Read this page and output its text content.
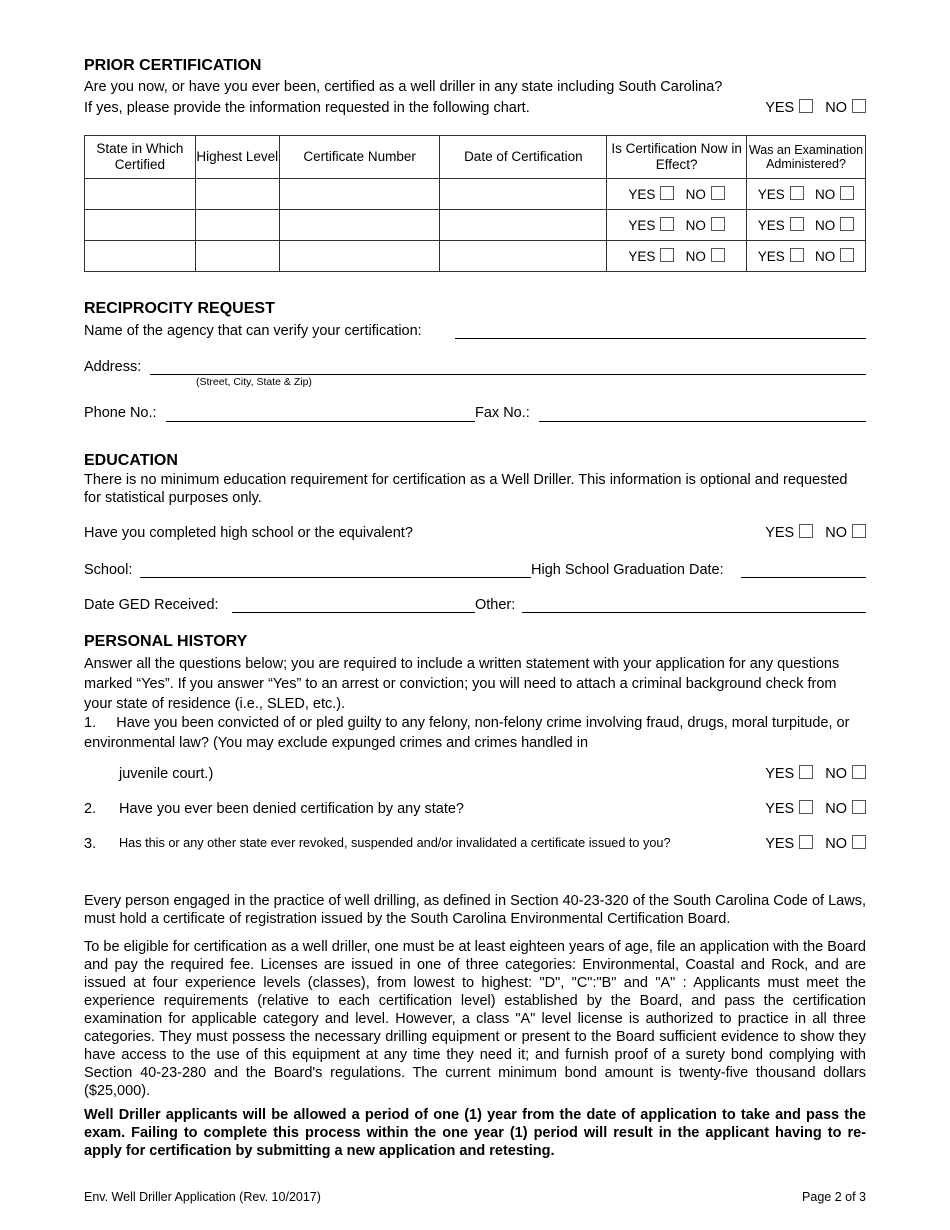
PRIOR CERTIFICATION
Are you now, or have you ever been, certified as a well driller in any state including South Carolina?
If yes, please provide the information requested in the following chart.	YES NO
State in Which Certified	Highest Level	Certificate Number	Date of Certification	Is Certification Now in Effect?	Was an Examination Administered?
				YES NO	YES NO
				YES NO	YES NO
				YES NO	YES NO
RECIPROCITY REQUEST
Name of the agency that can verify your certification:
Address:
(Street, City, State & Zip)
Phone No.:	Fax No.:
EDUCATION
There is no minimum education requirement for certification as a Well Driller. This information is optional and requested for statistical purposes only.
Have you completed high school or the equivalent?	YES NO
School:	High School Graduation Date:
Date GED Received:	Other:
PERSONAL HISTORY
Answer all the questions below; you are required to include a written statement with your application for any questions marked “Yes”. If you answer “Yes” to an arrest or conviction; you will need to attach a criminal background check from your state of residence (i.e., SLED, etc.).
1.     Have you been convicted of or pled guilty to any felony, non-felony crime involving fraud, drugs, moral turpitude, or environmental law? (You may exclude expunged crimes and crimes handled in
juvenile court.)	YES NO
2. Have you ever been denied certification by any state?	YES NO
3. Has this or any other state ever revoked, suspended and/or invalidated a certificate issued to you?	YES NO
Every person engaged in the practice of well drilling, as defined in Section 40-23-320 of the South Carolina Code of Laws, must hold a certificate of registration issued by the South Carolina Environmental Certification Board.
To be eligible for certification as a well driller, one must be at least eighteen years of age, file an application with the Board and pay the required fee. Licenses are issued in one of three categories: Environmental, Coastal and Rock, and are issued at four experience levels (classes), from lowest to highest: "D", "C":"B" and "A" : Applicants must meet the experience requirements (relative to each certification level) established by the Board, and pass the certification examination for applicable category and level. However, a class "A" level license is authorized to practice in all three categories. They must possess the necessary drilling equipment or present to the Board sufficient evidence to show they have access to the use of this equipment at any time they need it; and furnish proof of a surety bond complying with Section 40-23-280 and the Board's regulations. The current minimum bond amount is twenty-five thousand dollars ($25,000).
Well Driller applicants will be allowed a period of one (1) year from the date of application to take and pass the exam. Failing to complete this process within the one year (1) period will result in the applicant having to re-apply for certification by submitting a new application and retesting.
Env. Well Driller Application (Rev. 10/2017)	Page 2 of 3
